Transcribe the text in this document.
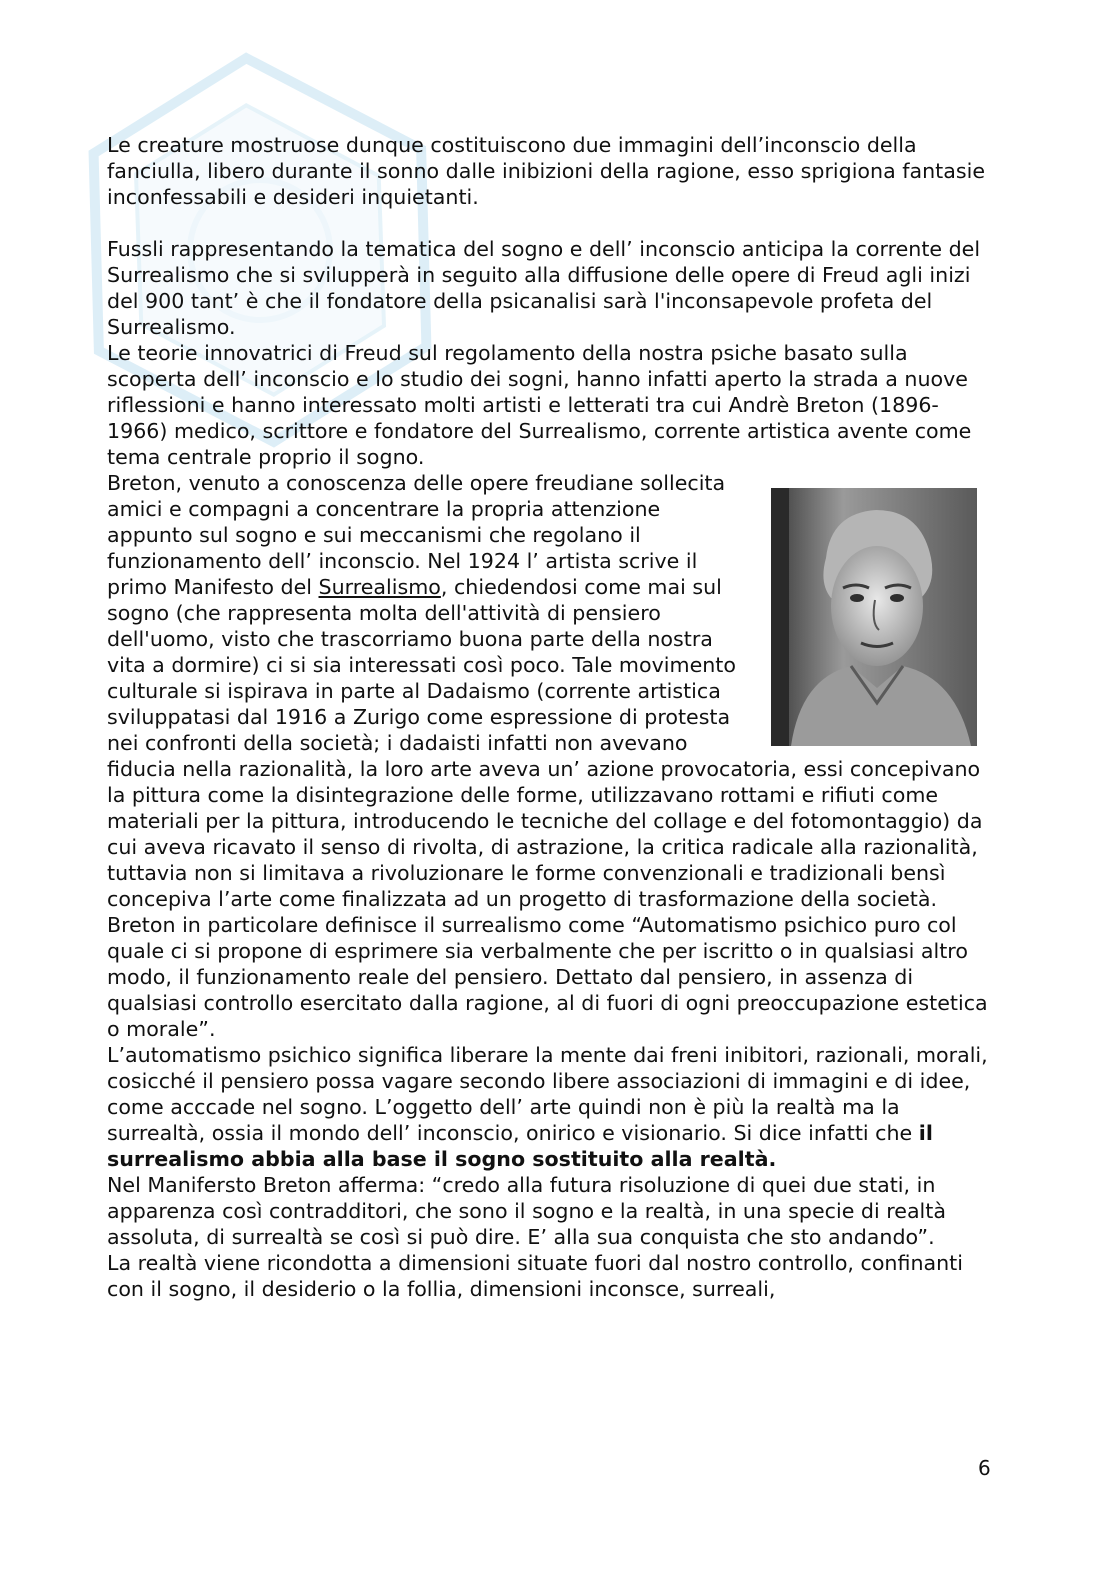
Le creature mostruose dunque costituiscono due immagini dell’inconscio della fanciulla, libero durante il sonno dalle inibizioni della ragione, esso sprigiona fantasie inconfessabili e desideri inquietanti.

Fussli rappresentando la tematica del sogno e dell’ inconscio anticipa la corrente del Surrealismo che si svilupperà in seguito alla diffusione delle opere di Freud agli inizi del 900 tant’ è che il fondatore della psicanalisi sarà l'inconsapevole profeta del Surrealismo.

Le teorie innovatrici di Freud sul regolamento della nostra psiche basato sulla scoperta dell’ inconscio e lo studio dei sogni, hanno infatti aperto la strada a nuove riflessioni e hanno interessato molti artisti e letterati tra cui Andrè Breton (1896-1966) medico, scrittore e fondatore del Surrealismo, corrente artistica avente come tema centrale proprio il sogno.

Breton, venuto a conoscenza delle opere freudiane sollecita amici e compagni a concentrare la propria attenzione appunto sul sogno e sui meccanismi che regolano il funzionamento dell’ inconscio. Nel 1924 l’ artista scrive il primo Manifesto del Surrealismo, chiedendosi come mai sul sogno (che rappresenta molta dell'attività di pensiero dell'uomo, visto che trascorriamo buona parte della nostra vita a dormire) ci si sia interessati così poco. Tale movimento culturale si ispirava in parte al Dadaismo (corrente artistica sviluppatasi dal 1916 a Zurigo come espressione di protesta nei confronti della società; i dadaisti infatti non avevano fiducia nella razionalità, la loro arte aveva un’ azione provocatoria, essi concepivano la pittura come la disintegrazione delle forme, utilizzavano rottami e rifiuti come materiali per la pittura, introducendo le tecniche del collage e del fotomontaggio) da cui aveva ricavato il senso di rivolta, di astrazione, la critica radicale alla razionalità, tuttavia non si limitava a rivoluzionare le forme convenzionali e tradizionali bensì concepiva l’arte come finalizzata ad un progetto di trasformazione della società.

Breton in particolare definisce il surrealismo come “Automatismo psichico puro col quale ci si propone di esprimere sia verbalmente che per iscritto o in qualsiasi altro modo, il funzionamento reale del pensiero. Dettato dal pensiero, in assenza di qualsiasi controllo esercitato dalla ragione, al di fuori di ogni preoccupazione estetica o morale”.

L’automatismo psichico significa liberare la mente dai freni inibitori, razionali, morali, cosicché il pensiero possa vagare secondo libere associazioni di immagini e di idee, come acccade nel sogno. L’oggetto dell’ arte quindi non è più la realtà ma la surrealtà, ossia il mondo dell’ inconscio, onirico e visionario. Si dice infatti che il surrealismo abbia alla base il sogno sostituito alla realtà.

Nel Manifersto Breton afferma: “credo alla futura risoluzione di quei due stati, in apparenza così contradditori, che sono il sogno e la realtà, in una specie di realtà assoluta, di surrealtà se così si può dire. E’ alla sua conquista che sto andando”.

La realtà viene ricondotta a dimensioni situate fuori dal nostro controllo, confinanti con il sogno, il desiderio o la follia, dimensioni inconsce, surreali,

6
